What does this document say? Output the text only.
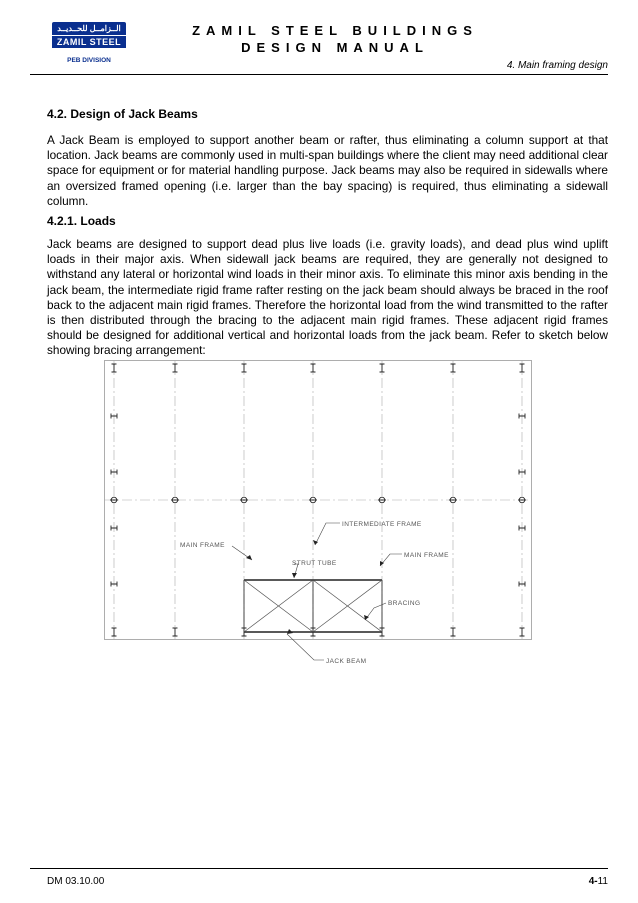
الــزامــل للحــديــد
ZAMIL STEEL
PEB DIVISION
ZAMIL STEEL BUILDINGS
DESIGN MANUAL
4. Main framing design
4.2. Design of Jack Beams
A Jack Beam is employed to support another beam or rafter, thus eliminating a column support at that location. Jack beams are commonly used in multi-span buildings where the client may need additional clear space for equipment or for material handling purpose. Jack beams may also be required in sidewalls where an oversized framed opening (i.e. larger than the bay spacing) is required, thus eliminating a sidewall column.
4.2.1. Loads
Jack beams are designed to support dead plus live loads (i.e. gravity loads), and dead plus wind uplift loads in their major axis. When sidewall jack beams are required, they are generally not designed to withstand any lateral or horizontal wind loads in their minor axis. To eliminate this minor axis bending in the jack beam, the intermediate rigid frame rafter resting on the jack beam should always be braced in the roof back to the adjacent main rigid frames. Therefore the horizontal load from the wind transmitted to the rafter is then distributed through the bracing to the adjacent main rigid frames. These adjacent rigid frames should be designed for additional vertical and horizontal loads from the jack beam. Refer to sketch below showing bracing arrangement:
INTERMEDIATE FRAME
MAIN FRAME
STRUT TUBE
MAIN FRAME
BRACING
JACK BEAM
DM 03.10.00	4-11
